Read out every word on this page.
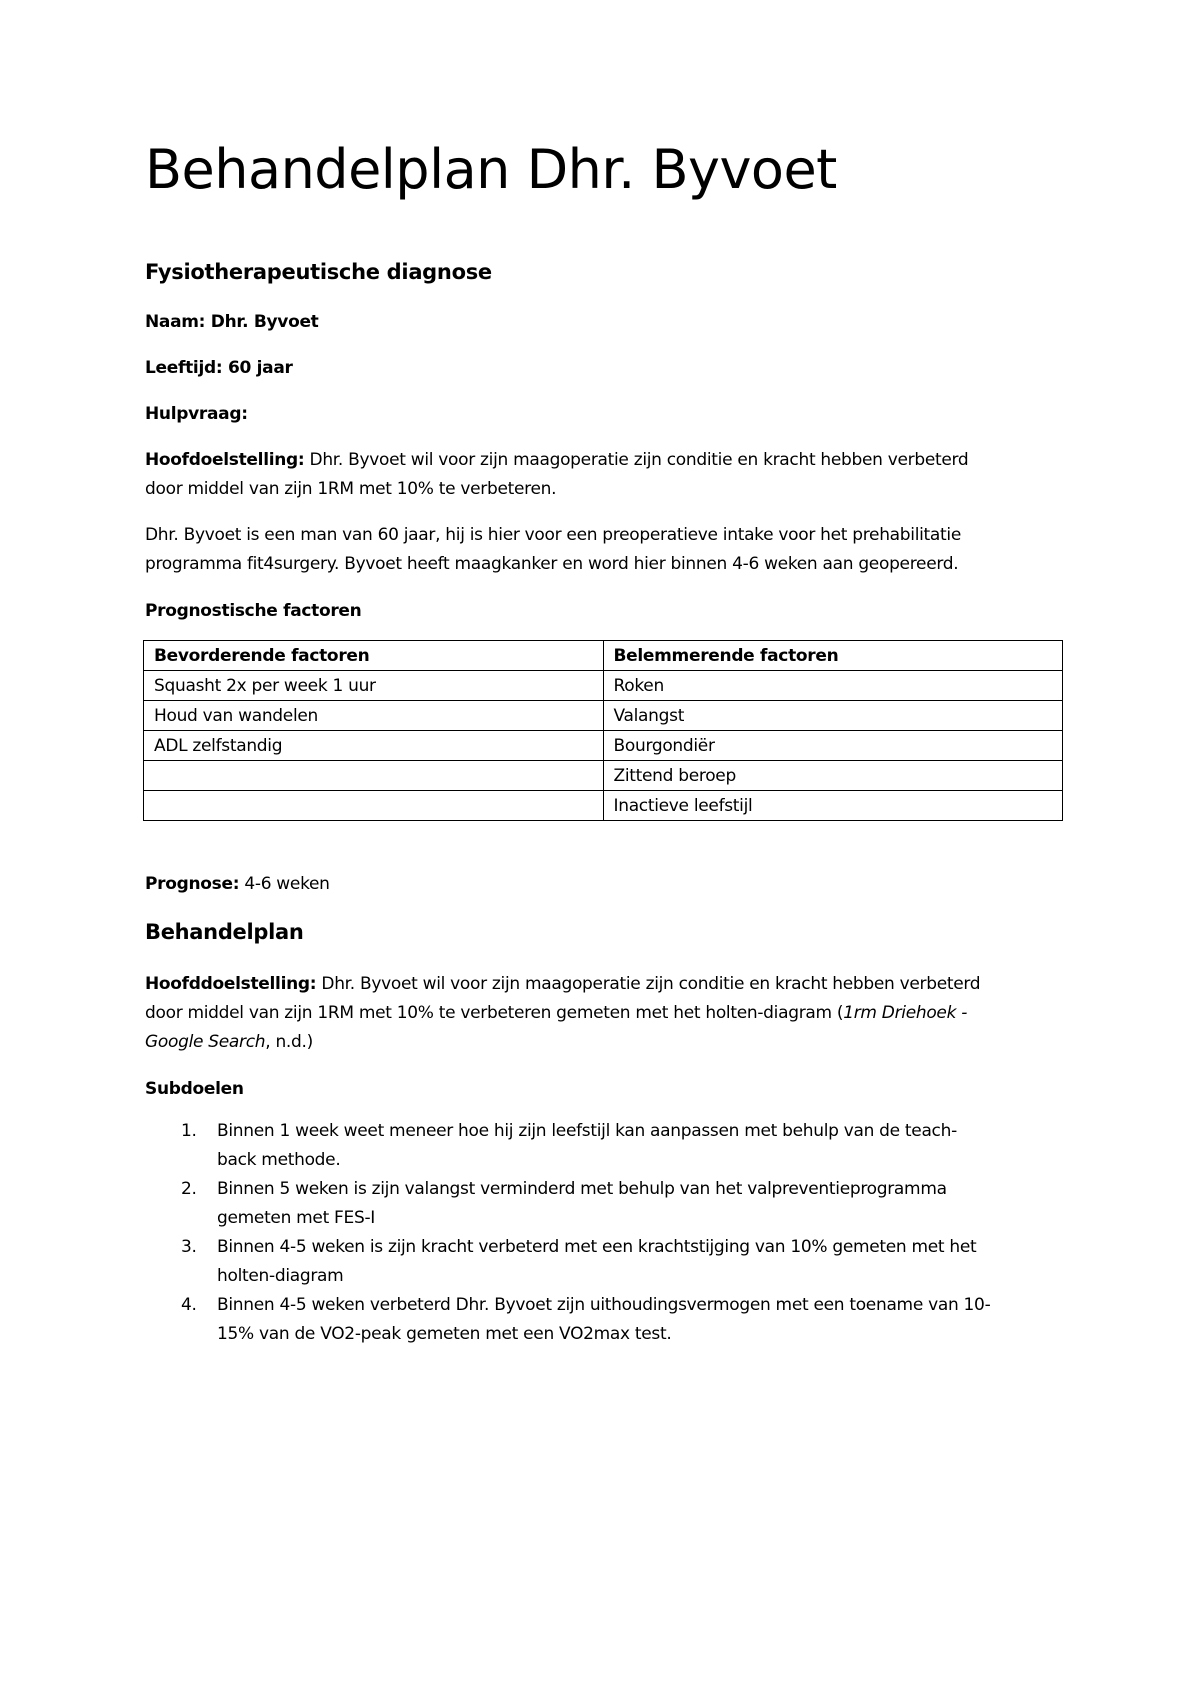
Behandelplan Dhr. Byvoet
Fysiotherapeutische diagnose

Naam: Dhr. Byvoet

Leeftijd: 60 jaar

Hulpvraag:

Hoofdoelstelling: Dhr. Byvoet wil voor zijn maagoperatie zijn conditie en kracht hebben verbeterd
door middel van zijn 1RM met 10% te verbeteren.

Dhr. Byvoet is een man van 60 jaar, hij is hier voor een preoperatieve intake voor het prehabilitatie
programma fit4surgery. Byvoet heeft maagkanker en word hier binnen 4-6 weken aan geopereerd.

Prognostische factoren

Bevorderende factoren	Belemmerende factoren
Squasht 2x per week 1 uur	Roken
Houd van wandelen	Valangst
ADL zelfstandig	Bourgondiër
	Zittend beroep
	Inactieve leefstijl

Prognose: 4-6 weken

Behandelplan

Hoofddoelstelling: Dhr. Byvoet wil voor zijn maagoperatie zijn conditie en kracht hebben verbeterd
door middel van zijn 1RM met 10% te verbeteren gemeten met het holten-diagram (1rm Driehoek -
Google Search, n.d.)

Subdoelen

1. Binnen 1 week weet meneer hoe hij zijn leefstijl kan aanpassen met behulp van de teach-
back methode.
2. Binnen 5 weken is zijn valangst verminderd met behulp van het valpreventieprogramma
gemeten met FES-I
3. Binnen 4-5 weken is zijn kracht verbeterd met een krachtstijging van 10% gemeten met het
holten-diagram
4. Binnen 4-5 weken verbeterd Dhr. Byvoet zijn uithoudingsvermogen met een toename van 10-
15% van de VO2-peak gemeten met een VO2max test.
